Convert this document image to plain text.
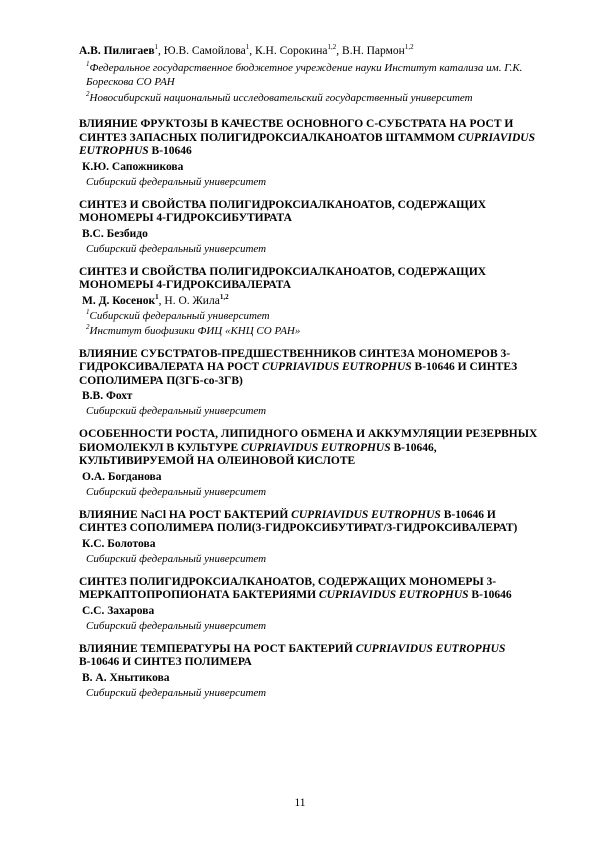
А.В. Пилигаев$^1$, Ю.В. Самойлова$^1$, К.Н. Сорокина$^{1,2}$, В.Н. Пармон$^{1,2}$
$^1$Федеральное государственное бюджетное учреждение науки Институт катализа им. Г.К. Борескова СО РАН
$^2$Новосибирский национальный исследовательский государственный университет
ВЛИЯНИЕ ФРУКТОЗЫ В КАЧЕСТВЕ ОСНОВНОГО С-СУБСТРАТА НА РОСТ И СИНТЕЗ ЗАПАСНЫХ ПОЛИГИДРОКСИАЛКАНОАТОВ ШТАММОМ CUPRIAVIDUS EUTROPHUS В-10646
К.Ю. Сапожникова
Сибирский федеральный университет
СИНТЕЗ И СВОЙСТВА ПОЛИГИДРОКСИАЛКАНОАТОВ, СОДЕРЖАЩИХ МОНОМЕРЫ 4-ГИДРОКСИБУТИРАТА
В.С. Безбидо
Сибирский федеральный университет
СИНТЕЗ И СВОЙСТВА ПОЛИГИДРОКСИАЛКАНОАТОВ, СОДЕРЖАЩИХ МОНОМЕРЫ 4-ГИДРОКСИВАЛЕРАТА
М. Д. Косенок$^1$, Н. О. Жила$^{1,2}$
$^1$Сибирский федеральный университет
$^2$Институт биофизики ФИЦ «КНЦ СО РАН»
ВЛИЯНИЕ СУБСТРАТОВ-ПРЕДШЕСТВЕННИКОВ СИНТЕЗА МОНОМЕРОВ 3-ГИДРОКСИВАЛЕРАТА НА РОСТ CUPRIAVIDUS EUTROPHUS В-10646 И СИНТЕЗ СОПОЛИМЕРА П(3ГБ-со-3ГВ)
В.В. Фохт
Сибирский федеральный университет
ОСОБЕННОСТИ РОСТА, ЛИПИДНОГО ОБМЕНА И АККУМУЛЯЦИИ РЕЗЕРВНЫХ БИОМОЛЕКУЛ В КУЛЬТУРЕ CUPRIAVIDUS EUTROPHUS В-10646, КУЛЬТИВИРУЕМОЙ НА ОЛЕИНОВОЙ КИСЛОТЕ
О.А. Богданова
Сибирский федеральный университет
ВЛИЯНИЕ NaCl НА РОСТ БАКТЕРИЙ CUPRIAVIDUS EUTROPHUS В-10646 И СИНТЕЗ СОПОЛИМЕРА ПОЛИ(3-ГИДРОКСИБУТИРАТ/3-ГИДРОКСИВАЛЕРАТ)
К.С. Болотова
Сибирский федеральный университет
СИНТЕЗ ПОЛИГИДРОКСИАЛКАНОАТОВ, СОДЕРЖАЩИХ МОНОМЕРЫ 3-МЕРКАПТОПРОПИОНАТА БАКТЕРИЯМИ CUPRIAVIDUS EUTROPHUS В-10646
С.С. Захарова
Сибирский федеральный университет
ВЛИЯНИЕ ТЕМПЕРАТУРЫ НА РОСТ БАКТЕРИЙ CUPRIAVIDUS EUTROPHUS В-10646 И СИНТЕЗ ПОЛИМЕРА
В. А. Хнытикова
Сибирский федеральный университет
11
